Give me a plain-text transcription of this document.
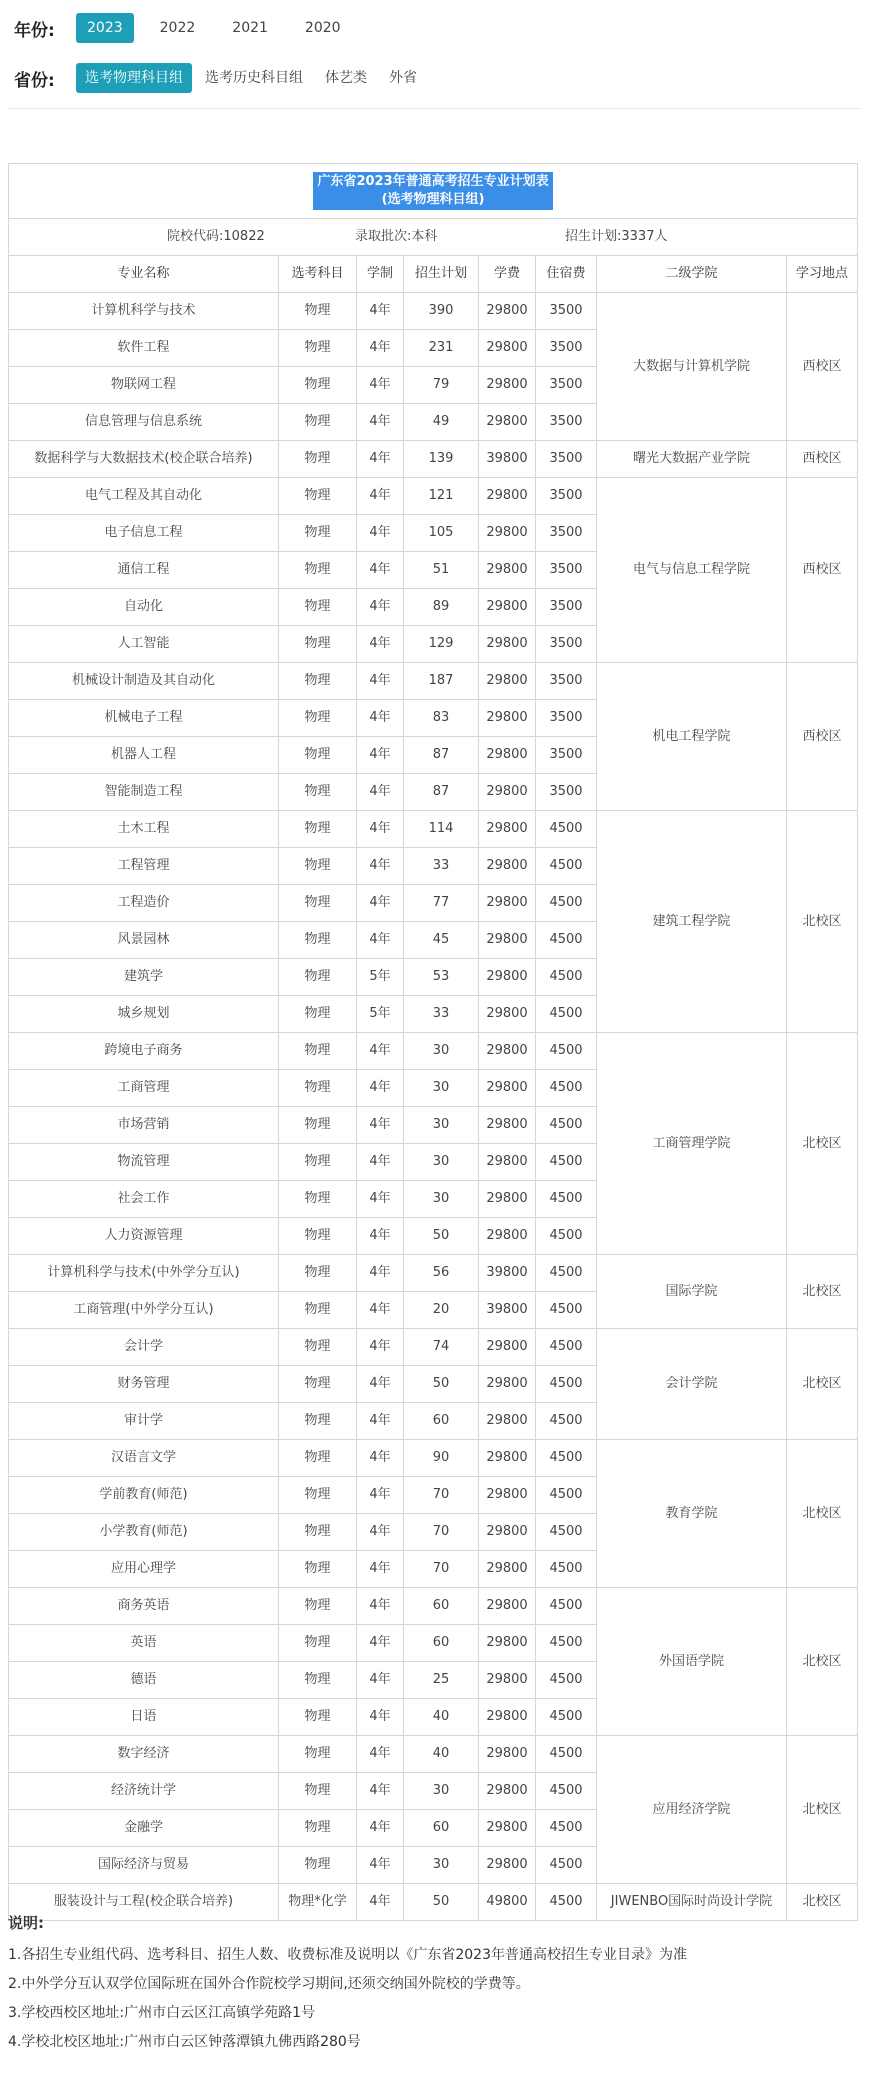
年份:	2023	2022	2021	2020
省份:	选考物理科目组	选考历史科目组	体艺类	外省
广东省2023年普通高考招生专业计划表
(选考物理科目组)							

院校代码:10822 录取批次:本科 招生计划:3337人							

专业名称	选考科目	学制	招生计划	学费	住宿费	二级学院	学习地点
计算机科学与技术	物理	4年	390	29800	3500	大数据与计算机学院	西校区
软件工程	物理	4年	231	29800	3500		
物联网工程	物理	4年	79	29800	3500		
信息管理与信息系统	物理	4年	49	29800	3500		
数据科学与大数据技术(校企联合培养)	物理	4年	139	39800	3500	曙光大数据产业学院	西校区
电气工程及其自动化	物理	4年	121	29800	3500	电气与信息工程学院	西校区
电子信息工程	物理	4年	105	29800	3500		
通信工程	物理	4年	51	29800	3500		
自动化	物理	4年	89	29800	3500		
人工智能	物理	4年	129	29800	3500		
机械设计制造及其自动化	物理	4年	187	29800	3500	机电工程学院	西校区
机械电子工程	物理	4年	83	29800	3500		
机器人工程	物理	4年	87	29800	3500		
智能制造工程	物理	4年	87	29800	3500		
土木工程	物理	4年	114	29800	4500	建筑工程学院	北校区
工程管理	物理	4年	33	29800	4500		
工程造价	物理	4年	77	29800	4500		
风景园林	物理	4年	45	29800	4500		
建筑学	物理	5年	53	29800	4500		
城乡规划	物理	5年	33	29800	4500		
跨境电子商务	物理	4年	30	29800	4500	工商管理学院	北校区
工商管理	物理	4年	30	29800	4500		
市场营销	物理	4年	30	29800	4500		
物流管理	物理	4年	30	29800	4500		
社会工作	物理	4年	30	29800	4500		
人力资源管理	物理	4年	50	29800	4500		
计算机科学与技术(中外学分互认)	物理	4年	56	39800	4500	国际学院	北校区
工商管理(中外学分互认)	物理	4年	20	39800	4500		
会计学	物理	4年	74	29800	4500	会计学院	北校区
财务管理	物理	4年	50	29800	4500		
审计学	物理	4年	60	29800	4500		
汉语言文学	物理	4年	90	29800	4500	教育学院	北校区
学前教育(师范)	物理	4年	70	29800	4500		
小学教育(师范)	物理	4年	70	29800	4500		
应用心理学	物理	4年	70	29800	4500		
商务英语	物理	4年	60	29800	4500	外国语学院	北校区
英语	物理	4年	60	29800	4500		
德语	物理	4年	25	29800	4500		
日语	物理	4年	40	29800	4500		
数字经济	物理	4年	40	29800	4500	应用经济学院	北校区
经济统计学	物理	4年	30	29800	4500		
金融学	物理	4年	60	29800	4500		
国际经济与贸易	物理	4年	30	29800	4500		
服装设计与工程(校企联合培养)	物理*化学	4年	50	49800	4500	JIWENBO国际时尚设计学院	北校区
说明:
1.各招生专业组代码、选考科目、招生人数、收费标准及说明以《广东省2023年普通高校招生专业目录》为准
2.中外学分互认双学位国际班在国外合作院校学习期间,还须交纳国外院校的学费等。
3.学校西校区地址:广州市白云区江高镇学苑路1号
4.学校北校区地址:广州市白云区钟落潭镇九佛西路280号
